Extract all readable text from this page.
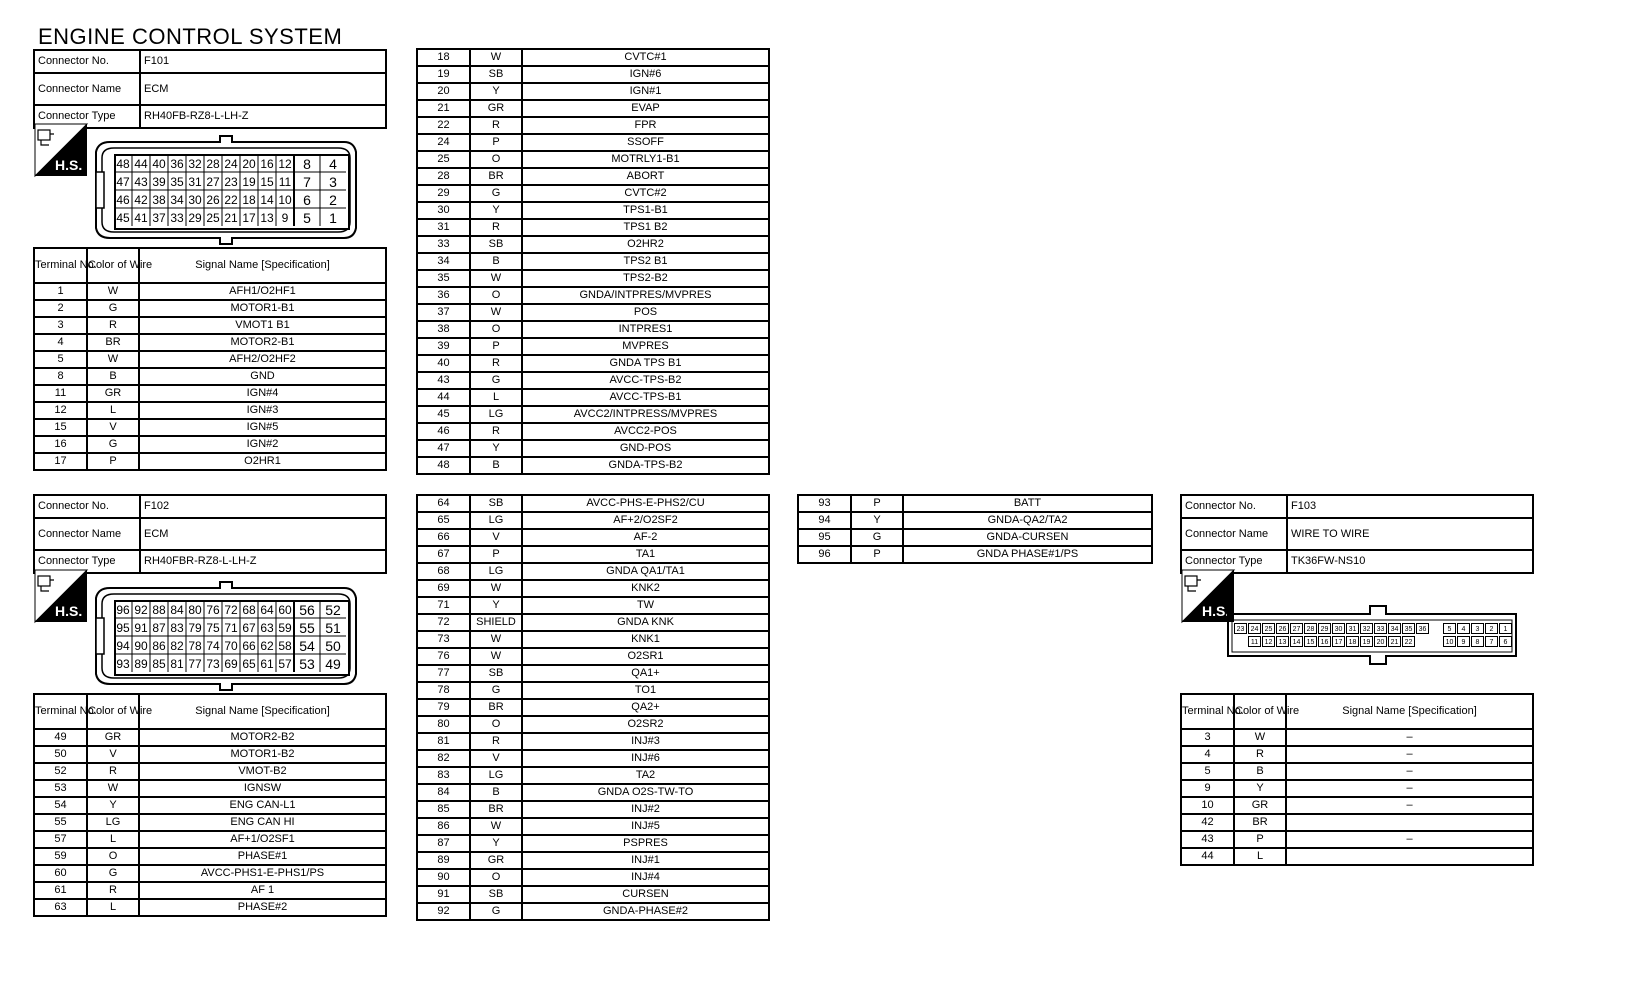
ENGINE CONTROL SYSTEM
Connector No.	F101
Connector Name	ECM
Connector Type	RH40FB-RZ8-L-LH-Z
H.S.	48 44 40 36 32 28 24 20 16 12 8	4
47 43 39 35 31 27 23 19 15 11 7	3
46 42 38 34 30 26 22 18 14 10 6	2
45 41 37 33 29 25 21 17 13 9	5	1
Terminal No.	Color of Wire	Signal Name [Specification]
1	W	AFH1/O2HF1
2	G	MOTOR1-B1
3	R	VMOT1 B1
4	BR	MOTOR2-B1
5	W	AFH2/O2HF2
8	B	GND
11	GR	IGN#4
12	L	IGN#3
15	V	IGN#5
16	G	IGN#2
17	P	O2HR1
18	W	CVTC#1
19	SB	IGN#6
20	Y	IGN#1
21	GR	EVAP
22	R	FPR
24	P	SSOFF
25	O	MOTRLY1-B1
28	BR	ABORT
29	G	CVTC#2
30	Y	TPS1-B1
31	R	TPS1 B2
33	SB	O2HR2
34	B	TPS2 B1
35	W	TPS2-B2
36	O	GNDA/INTPRES/MVPRES
37	W	POS
38	O	INTPRES1
39	P	MVPRES
40	R	GNDA TPS B1
43	G	AVCC-TPS-B2
44	L	AVCC-TPS-B1
45	LG	AVCC2/INTPRESS/MVPRES
46	R	AVCC2-POS
47	Y	GND-POS
48	B	GNDA-TPS-B2
Connector No.	F102
Connector Name	ECM
Connector Type	RH40FBR-RZ8-L-LH-Z
H.S.	96 92 88 84 80 76 72 68 64 60 56 52
95 91 87 83 79 75 71 67 63 59 55 51
94 90 86 82 78 74 70 66 62 58 54 50
93 89 85 81 77 73 69 65 61 57 53 49
Terminal No.	Color of Wire	Signal Name [Specification]
49	GR	MOTOR2-B2
50	V	MOTOR1-B2
52	R	VMOT-B2
53	W	IGNSW
54	Y	ENG CAN-L1
55	LG	ENG CAN HI
57	L	AF+1/O2SF1
59	O	PHASE#1
60	G	AVCC-PHS1-E-PHS1/PS
61	R	AF 1
63	L	PHASE#2
64	SB	AVCC-PHS-E-PHS2/CU
65	LG	AF+2/O2SF2
66	V	AF-2
67	P	TA1
68	LG	GNDA QA1/TA1
69	W	KNK2
71	Y	TW
72	SHIELD	GNDA KNK
73	W	KNK1
76	W	O2SR1
77	SB	QA1+
78	G	TO1
79	BR	QA2+
80	O	O2SR2
81	R	INJ#3
82	V	INJ#6
83	LG	TA2
84	B	GNDA O2S-TW-TO
85	BR	INJ#2
86	W	INJ#5
87	Y	PSPRES
89	GR	INJ#1
90	O	INJ#4
91	SB	CURSEN
92	G	GNDA-PHASE#2
93	P	BATT
94	Y	GNDA-QA2/TA2
95	G	GNDA-CURSEN
96	P	GNDA PHASE#1/PS
Connector No.	F103
Connector Name	WIRE TO WIRE
Connector Type	TK36FW-NS10
H.S.
23 24 25 26 27 28 29 30 31 32 33 34 35 36
11 12 13 14 15 16 17 18 19 20 21 22
5	4	3	2	1
10	9	8	7	6
Terminal No.	Color of Wire	Signal Name [Specification]
3	W	–
4	R	–
5	B	–
9	Y	–
10	GR	–
42	BR	
43	P	–
44	L	
